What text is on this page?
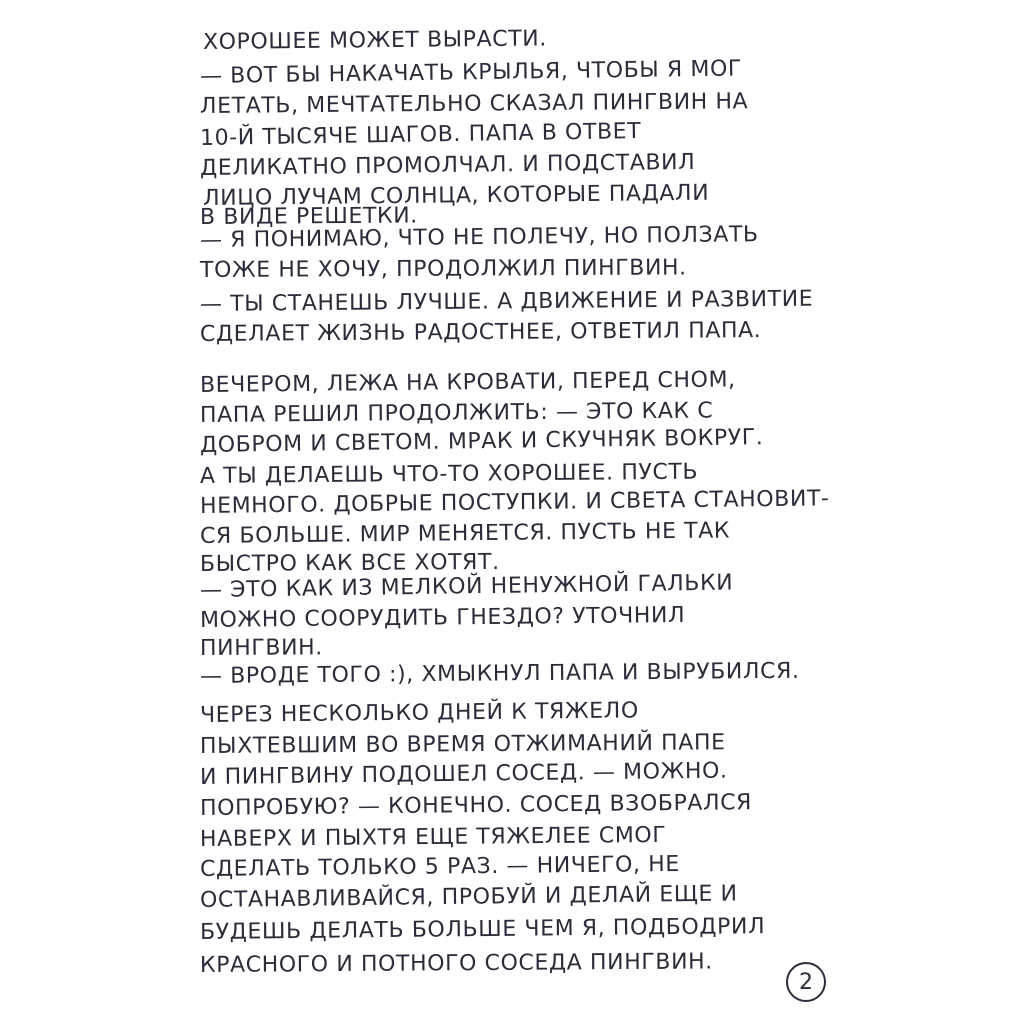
ХОРОШЕЕ МОЖЕТ ВЫРАСТИ.
— ВОТ БЫ НАКАЧАТЬ КРЫЛЬЯ, ЧТОБЫ Я МОГ
ЛЕТАТЬ, МЕЧТАТЕЛЬНО СКАЗАЛ ПИНГВИН НА
10-Й ТЫСЯЧЕ ШАГОВ. ПАПА В ОТВЕТ
ДЕЛИКАТНО ПРОМОЛЧАЛ. И ПОДСТАВИЛ
ЛИЦО ЛУЧАМ СОЛНЦА, КОТОРЫЕ ПАДАЛИ
В ВИДЕ РЕШЕТКИ.
— Я ПОНИМАЮ, ЧТО НЕ ПОЛЕЧУ, НО ПОЛЗАТЬ
ТОЖЕ НЕ ХОЧУ, ПРОДОЛЖИЛ ПИНГВИН.
— ТЫ СТАНЕШЬ ЛУЧШЕ. А ДВИЖЕНИЕ И РАЗВИТИЕ
СДЕЛАЕТ ЖИЗНЬ РАДОСТНЕЕ, ОТВЕТИЛ ПАПА.
ВЕЧЕРОМ, ЛЕЖА НА КРОВАТИ, ПЕРЕД СНОМ,
ПАПА РЕШИЛ ПРОДОЛЖИТЬ: — ЭТО КАК С
ДОБРОМ И СВЕТОМ. МРАК И СКУЧНЯК ВОКРУГ.
А ТЫ ДЕЛАЕШЬ ЧТО-ТО ХОРОШЕЕ. ПУСТЬ
НЕМНОГО. ДОБРЫЕ ПОСТУПКИ. И СВЕТА СТАНОВИТ-
СЯ БОЛЬШЕ. МИР МЕНЯЕТСЯ. ПУСТЬ НЕ ТАК
БЫСТРО КАК ВСЕ ХОТЯТ.
— ЭТО КАК ИЗ МЕЛКОЙ НЕНУЖНОЙ ГАЛЬКИ
МОЖНО СООРУДИТЬ ГНЕЗДО? УТОЧНИЛ
ПИНГВИН.
— ВРОДЕ ТОГО :), ХМЫКНУЛ ПАПА И ВЫРУБИЛСЯ.
ЧЕРЕЗ НЕСКОЛЬКО ДНЕЙ К ТЯЖЕЛО
ПЫХТЕВШИМ ВО ВРЕМЯ ОТЖИМАНИЙ ПАПЕ
И ПИНГВИНУ ПОДОШЕЛ СОСЕД. — МОЖНО.
ПОПРОБУЮ? — КОНЕЧНО. СОСЕД ВЗОБРАЛСЯ
НАВЕРХ И ПЫХТЯ ЕЩЕ ТЯЖЕЛЕЕ СМОГ
СДЕЛАТЬ ТОЛЬКО 5 РАЗ. — НИЧЕГО, НЕ
ОСТАНАВЛИВАЙСЯ, ПРОБУЙ И ДЕЛАЙ ЕЩЕ И
БУДЕШЬ ДЕЛАТЬ БОЛЬШЕ ЧЕМ Я, ПОДБОДРИЛ
КРАСНОГО И ПОТНОГО СОСЕДА ПИНГВИН.
2
